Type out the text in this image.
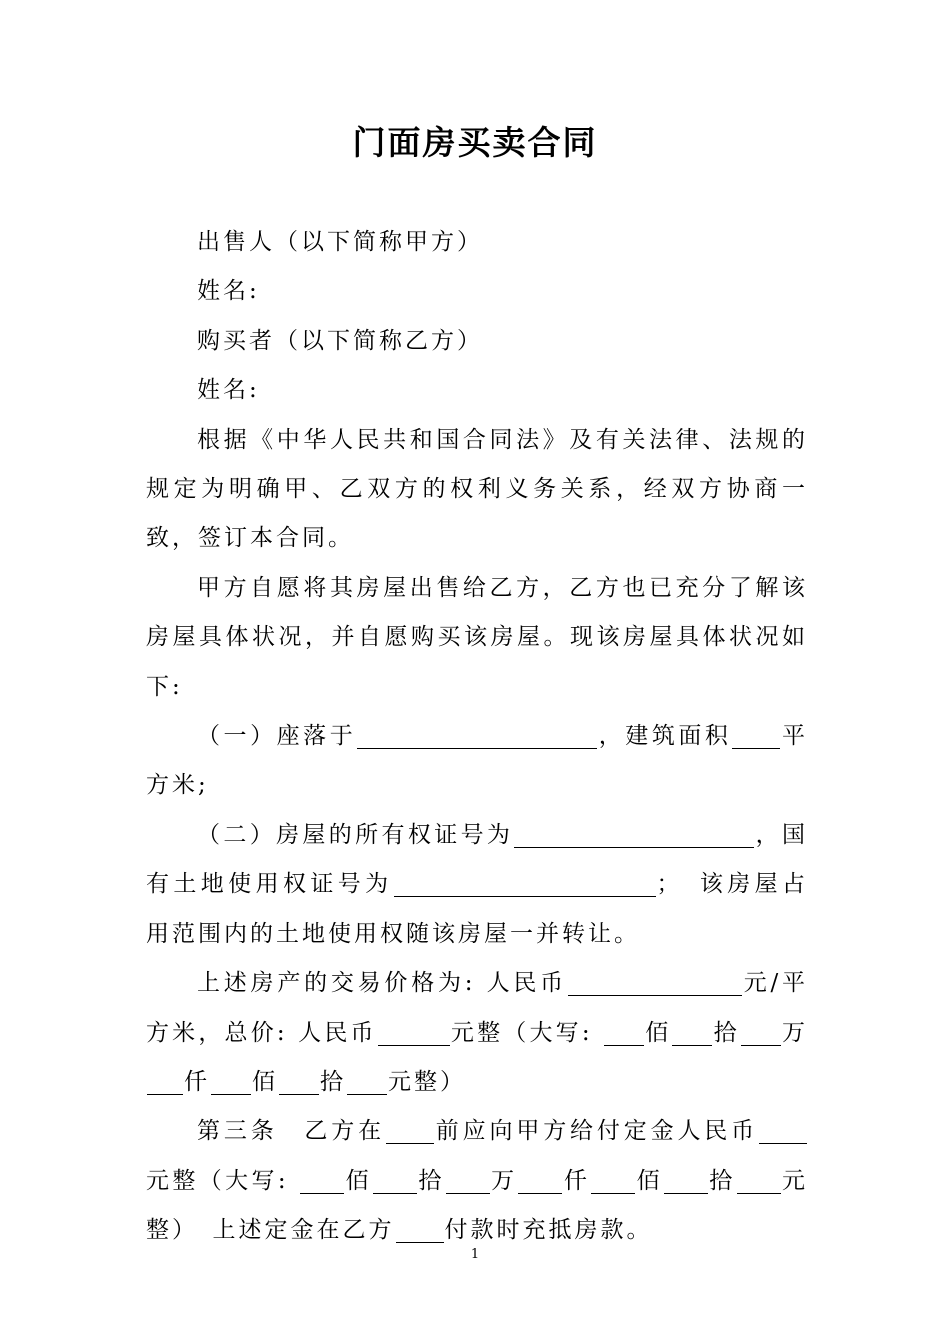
门面房买卖合同

出售人（以下简称甲方）

姓名:

购买者（以下简称乙方）

姓名:

根据《中华人民共和国合同法》及有关法律、法规的规定为明确甲、乙双方的权利义务关系，经双方协商一致，签订本合同。

甲方自愿将其房屋出售给乙方，乙方也已充分了解该房屋具体状况，并自愿购买该房屋。现该房屋具体状况如下:

（一）座落于	，建筑面积 平方米;

（二）房屋的所有权证号为	，国有土地使用权证号为	；　该房屋占用范围内的土地使用权随该房屋一并转让。

上述房产的交易价格为: 人民币	元/平方米，总价: 人民币	元整（大写: 佰 拾 万仟 佰 拾 元整）

第三条　乙方在 前应向甲方给付定金人民币元整（大写: 佰 拾 万 仟 佰 拾 元整）　上述定金在乙方 付款时充抵房款。

1
